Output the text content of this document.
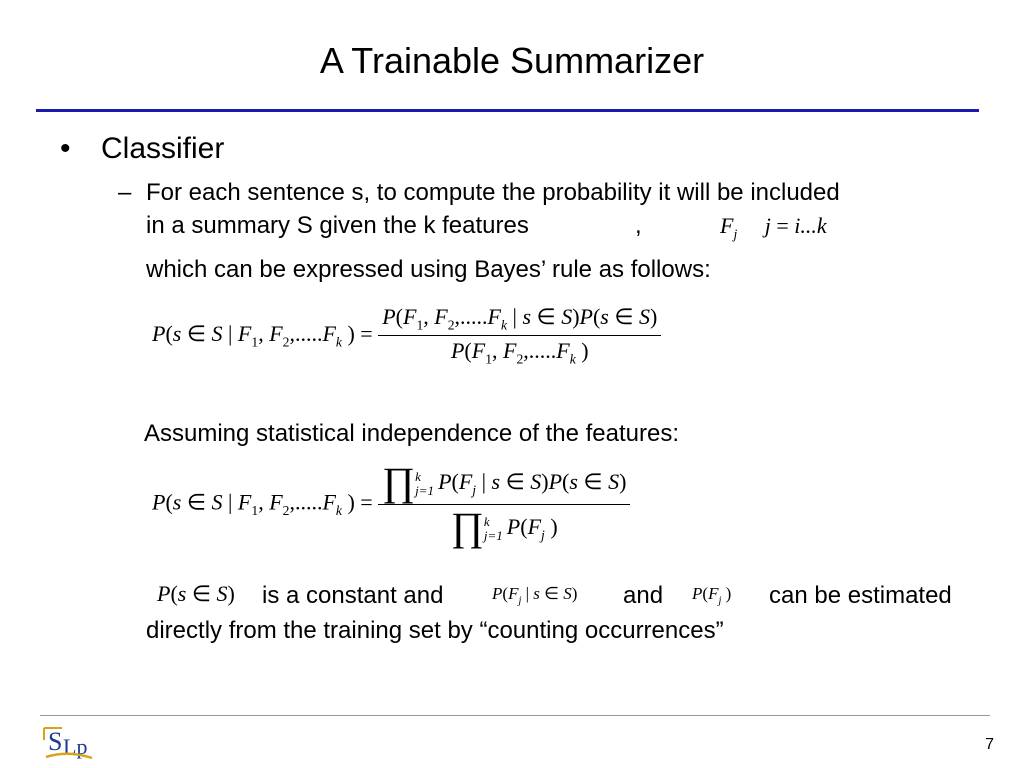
A Trainable Summarizer
• Classifier
– For each sentence s, to compute the probability it will be included
in a summary S given the k features	,	$F_j$     j = i...k
which can be expressed using Bayes’ rule as follows:
P(s ∈ S | $F_1$, $F_2,.....F_k$ ) = $\frac{P(F_1, F_2,.....F_k | s \in S)P(s \in S)}{P(F_1, F_2,.....F_k )}$
Assuming statistical independence of the features:
P(s ∈ S | $F_1$, $F_2,.....F_k$ ) = ∏k
j=1 $P(F_j$ | s ∈ S)P(s ∈ S)
∏k
j=1 $P(F_j$ )
P(s ∈ S) is a constant and	$P(F_j$ | s ∈ S) and $P(F_j$ ) can be estimated
directly from the training set by “counting occurrences”
S Lp	7
